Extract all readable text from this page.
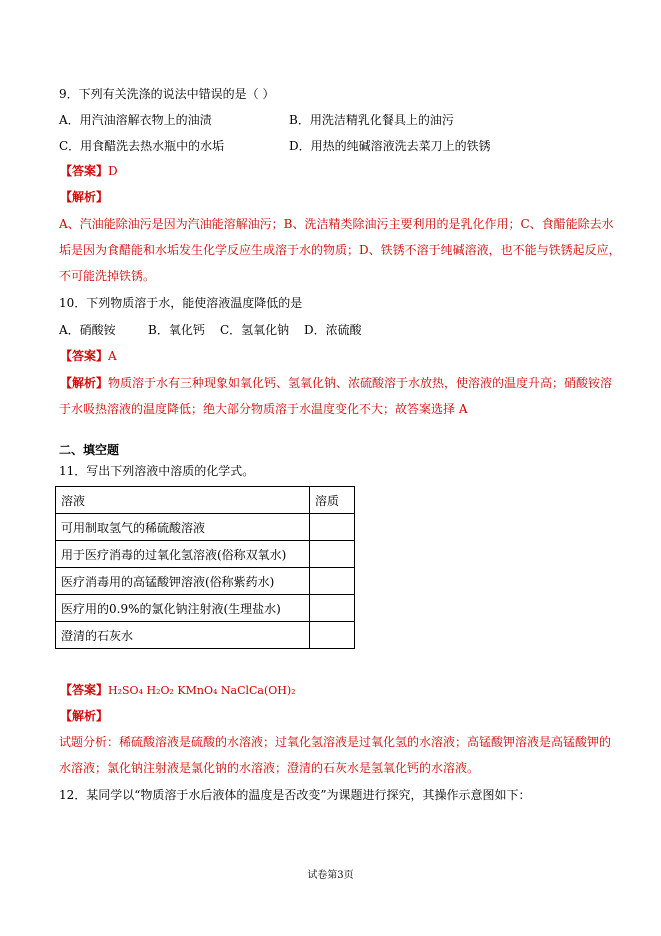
9．下列有关洗涤的说法中错误的是（ ）
A．用汽油溶解衣物上的油渍	B．用洗洁精乳化餐具上的油污
C．用食醋洗去热水瓶中的水垢	D．用热的纯碱溶液洗去菜刀上的铁锈
【答案】D
【解析】
A、汽油能除油污是因为汽油能溶解油污；B、洗洁精类除油污主要利用的是乳化作用；C、食醋能除去水
垢是因为食醋能和水垢发生化学反应生成溶于水的物质；D、铁锈不溶于纯碱溶液，也不能与铁锈起反应，
不可能洗掉铁锈。
10．下列物质溶于水，能使溶液温度降低的是
A．硝酸铵	B．氧化钙 C．氢氧化钠 D．浓硫酸
【答案】A
【解析】物质溶于水有三种现象如氧化钙、氢氧化钠、浓硫酸溶于水放热，使溶液的温度升高；硝酸铵溶
于水吸热溶液的温度降低；绝大部分物质溶于水温度变化不大；故答案选择 A
二、填空题
11．写出下列溶液中溶质的化学式。
溶液	溶质
可用制取氢气的稀硫酸溶液	
用于医疗消毒的过氧化氢溶液(俗称双氧水)	
医疗消毒用的高锰酸钾溶液(俗称紫药水)	
医疗用的0.9%的氯化钠注射液(生理盐水)	
澄清的石灰水	
【答案】H₂SO₄ H₂O₂ KMnO₄ NaClCa(OH)₂
【解析】
试题分析：稀硫酸溶液是硫酸的水溶液；过氧化氢溶液是过氧化氢的水溶液；高锰酸钾溶液是高锰酸钾的
水溶液；氯化钠注射液是氯化钠的水溶液；澄清的石灰水是氢氧化钙的水溶液。
12．某同学以“物质溶于水后液体的温度是否改变”为课题进行探究，其操作示意图如下：
试卷第3页
